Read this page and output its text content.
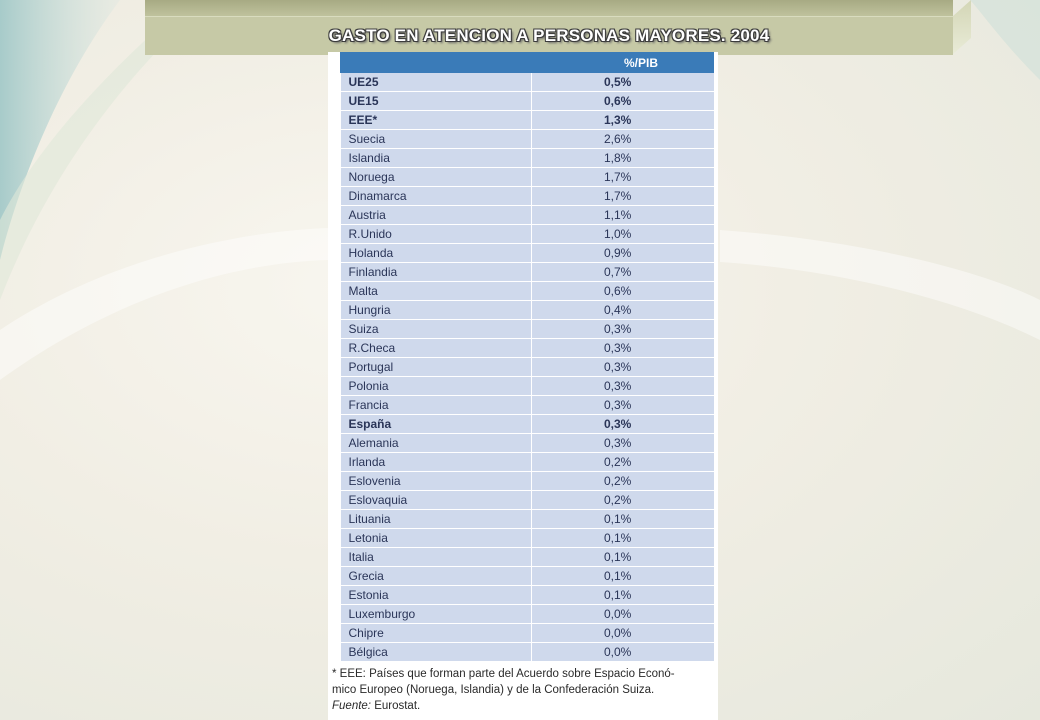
GASTO EN ATENCION A PERSONAS MAYORES. 2004
	%/PIB
UE25	0,5%
UE15	0,6%
EEE*	1,3%
Suecia	2,6%
Islandia	1,8%
Noruega	1,7%
Dinamarca	1,7%
Austria	1,1%
R.Unido	1,0%
Holanda	0,9%
Finlandia	0,7%
Malta	0,6%
Hungria	0,4%
Suiza	0,3%
R.Checa	0,3%
Portugal	0,3%
Polonia	0,3%
Francia	0,3%
España	0,3%
Alemania	0,3%
Irlanda	0,2%
Eslovenia	0,2%
Eslovaquia	0,2%
Lituania	0,1%
Letonia	0,1%
Italia	0,1%
Grecia	0,1%
Estonia	0,1%
Luxemburgo	0,0%
Chipre	0,0%
Bélgica	0,0%
* EEE: Países que forman parte del Acuerdo sobre Espacio Econó-
mico Europeo (Noruega, Islandia) y de la Confederación Suiza.
Fuente: Eurostat.
